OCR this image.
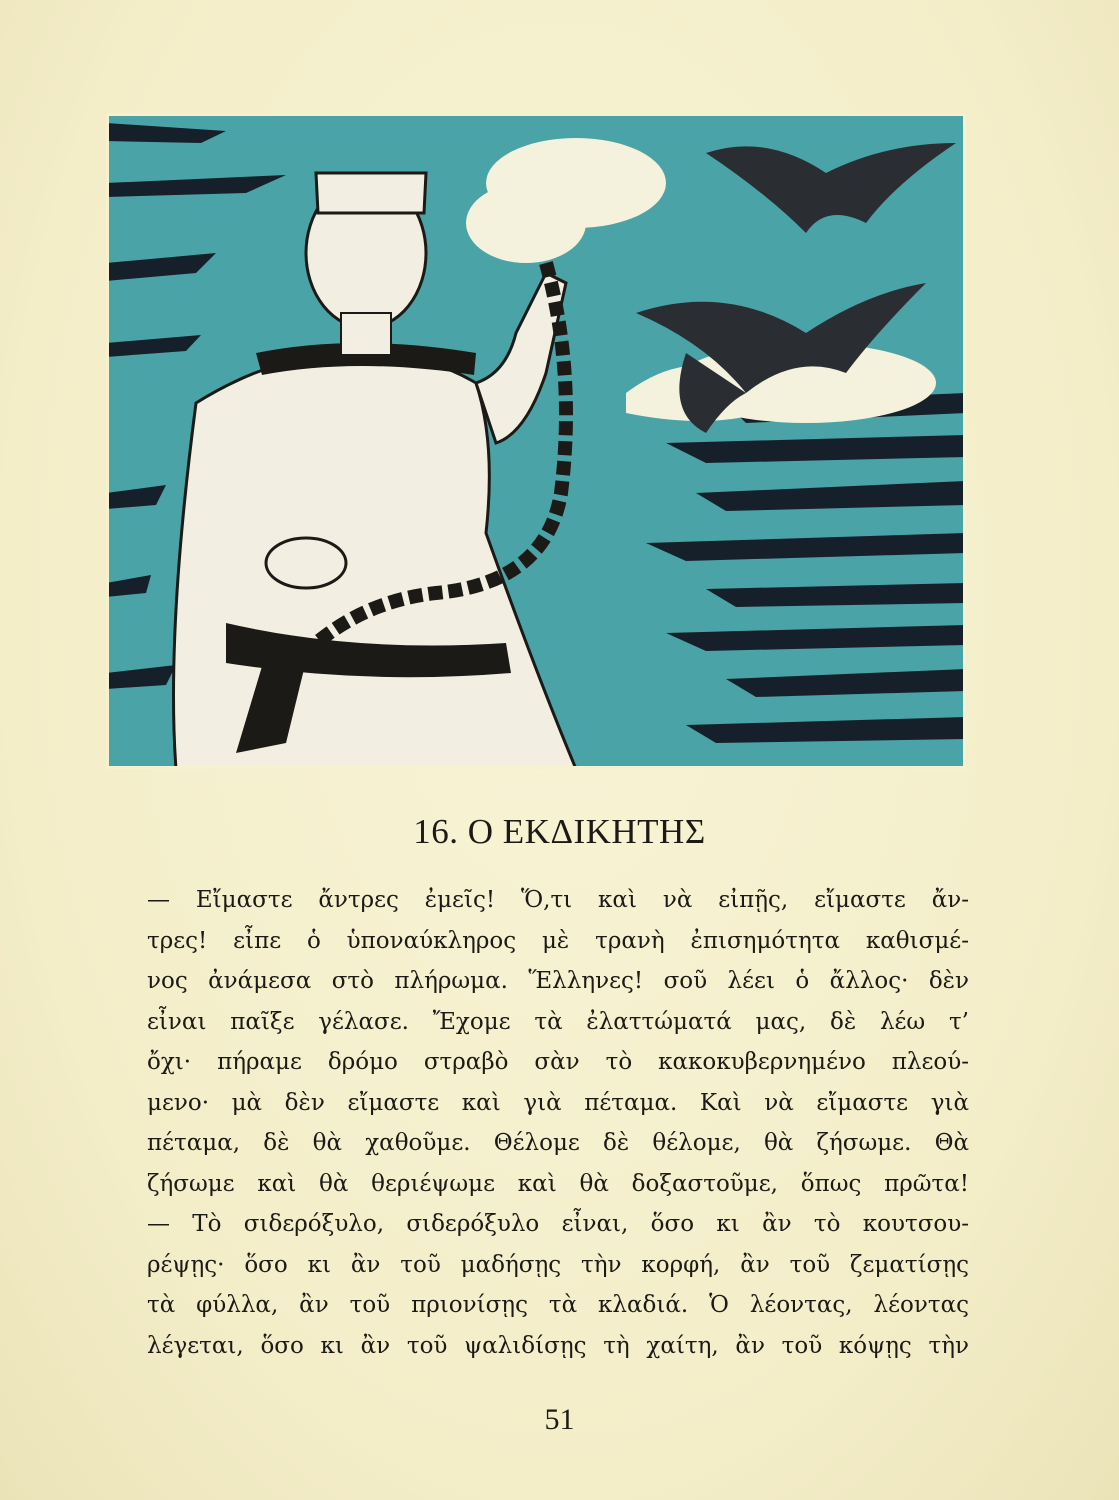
16. Ο ΕΚΔΙΚΗΤΗΣ
— Εἴμαστε ἄντρες ἐμεῖς! Ὅ,τι καὶ νὰ εἰπῇς, εἴμαστε ἄν-
τρες! εἶπε ὁ ὑποναύκληρος μὲ τρανὴ ἐπισημότητα καθισμέ-
νος ἀνάμεσα στὸ πλήρωμα. Ἕλληνες! σοῦ λέει ὁ ἄλλος· δὲν
εἶναι παῖξε γέλασε. Ἔχομε τὰ ἐλαττώματά μας, δὲ λέω τ’
ὄχι· πήραμε δρόμο στραβὸ σὰν τὸ κακοκυβερνημένο πλεού-
μενο· μὰ δὲν εἴμαστε καὶ γιὰ πέταμα. Καὶ νὰ εἴμαστε γιὰ
πέταμα, δὲ θὰ χαθοῦμε. Θέλομε δὲ θέλομε, θὰ ζήσωμε. Θὰ
ζήσωμε καὶ θὰ θεριέψωμε καὶ θὰ δοξαστοῦμε, ὅπως πρῶτα!
— Τὸ σιδερόξυλο, σιδερόξυλο εἶναι, ὅσο κι ἂν τὸ κουτσου-
ρέψῃς· ὅσο κι ἂν τοῦ μαδήσῃς τὴν κορφή, ἂν τοῦ ζεματίσῃς
τὰ φύλλα, ἂν τοῦ πριονίσῃς τὰ κλαδιά. Ὁ λέοντας, λέοντας
λέγεται, ὅσο κι ἂν τοῦ ψαλιδίσῃς τὴ χαίτη, ἂν τοῦ κόψῃς τὴν
51
